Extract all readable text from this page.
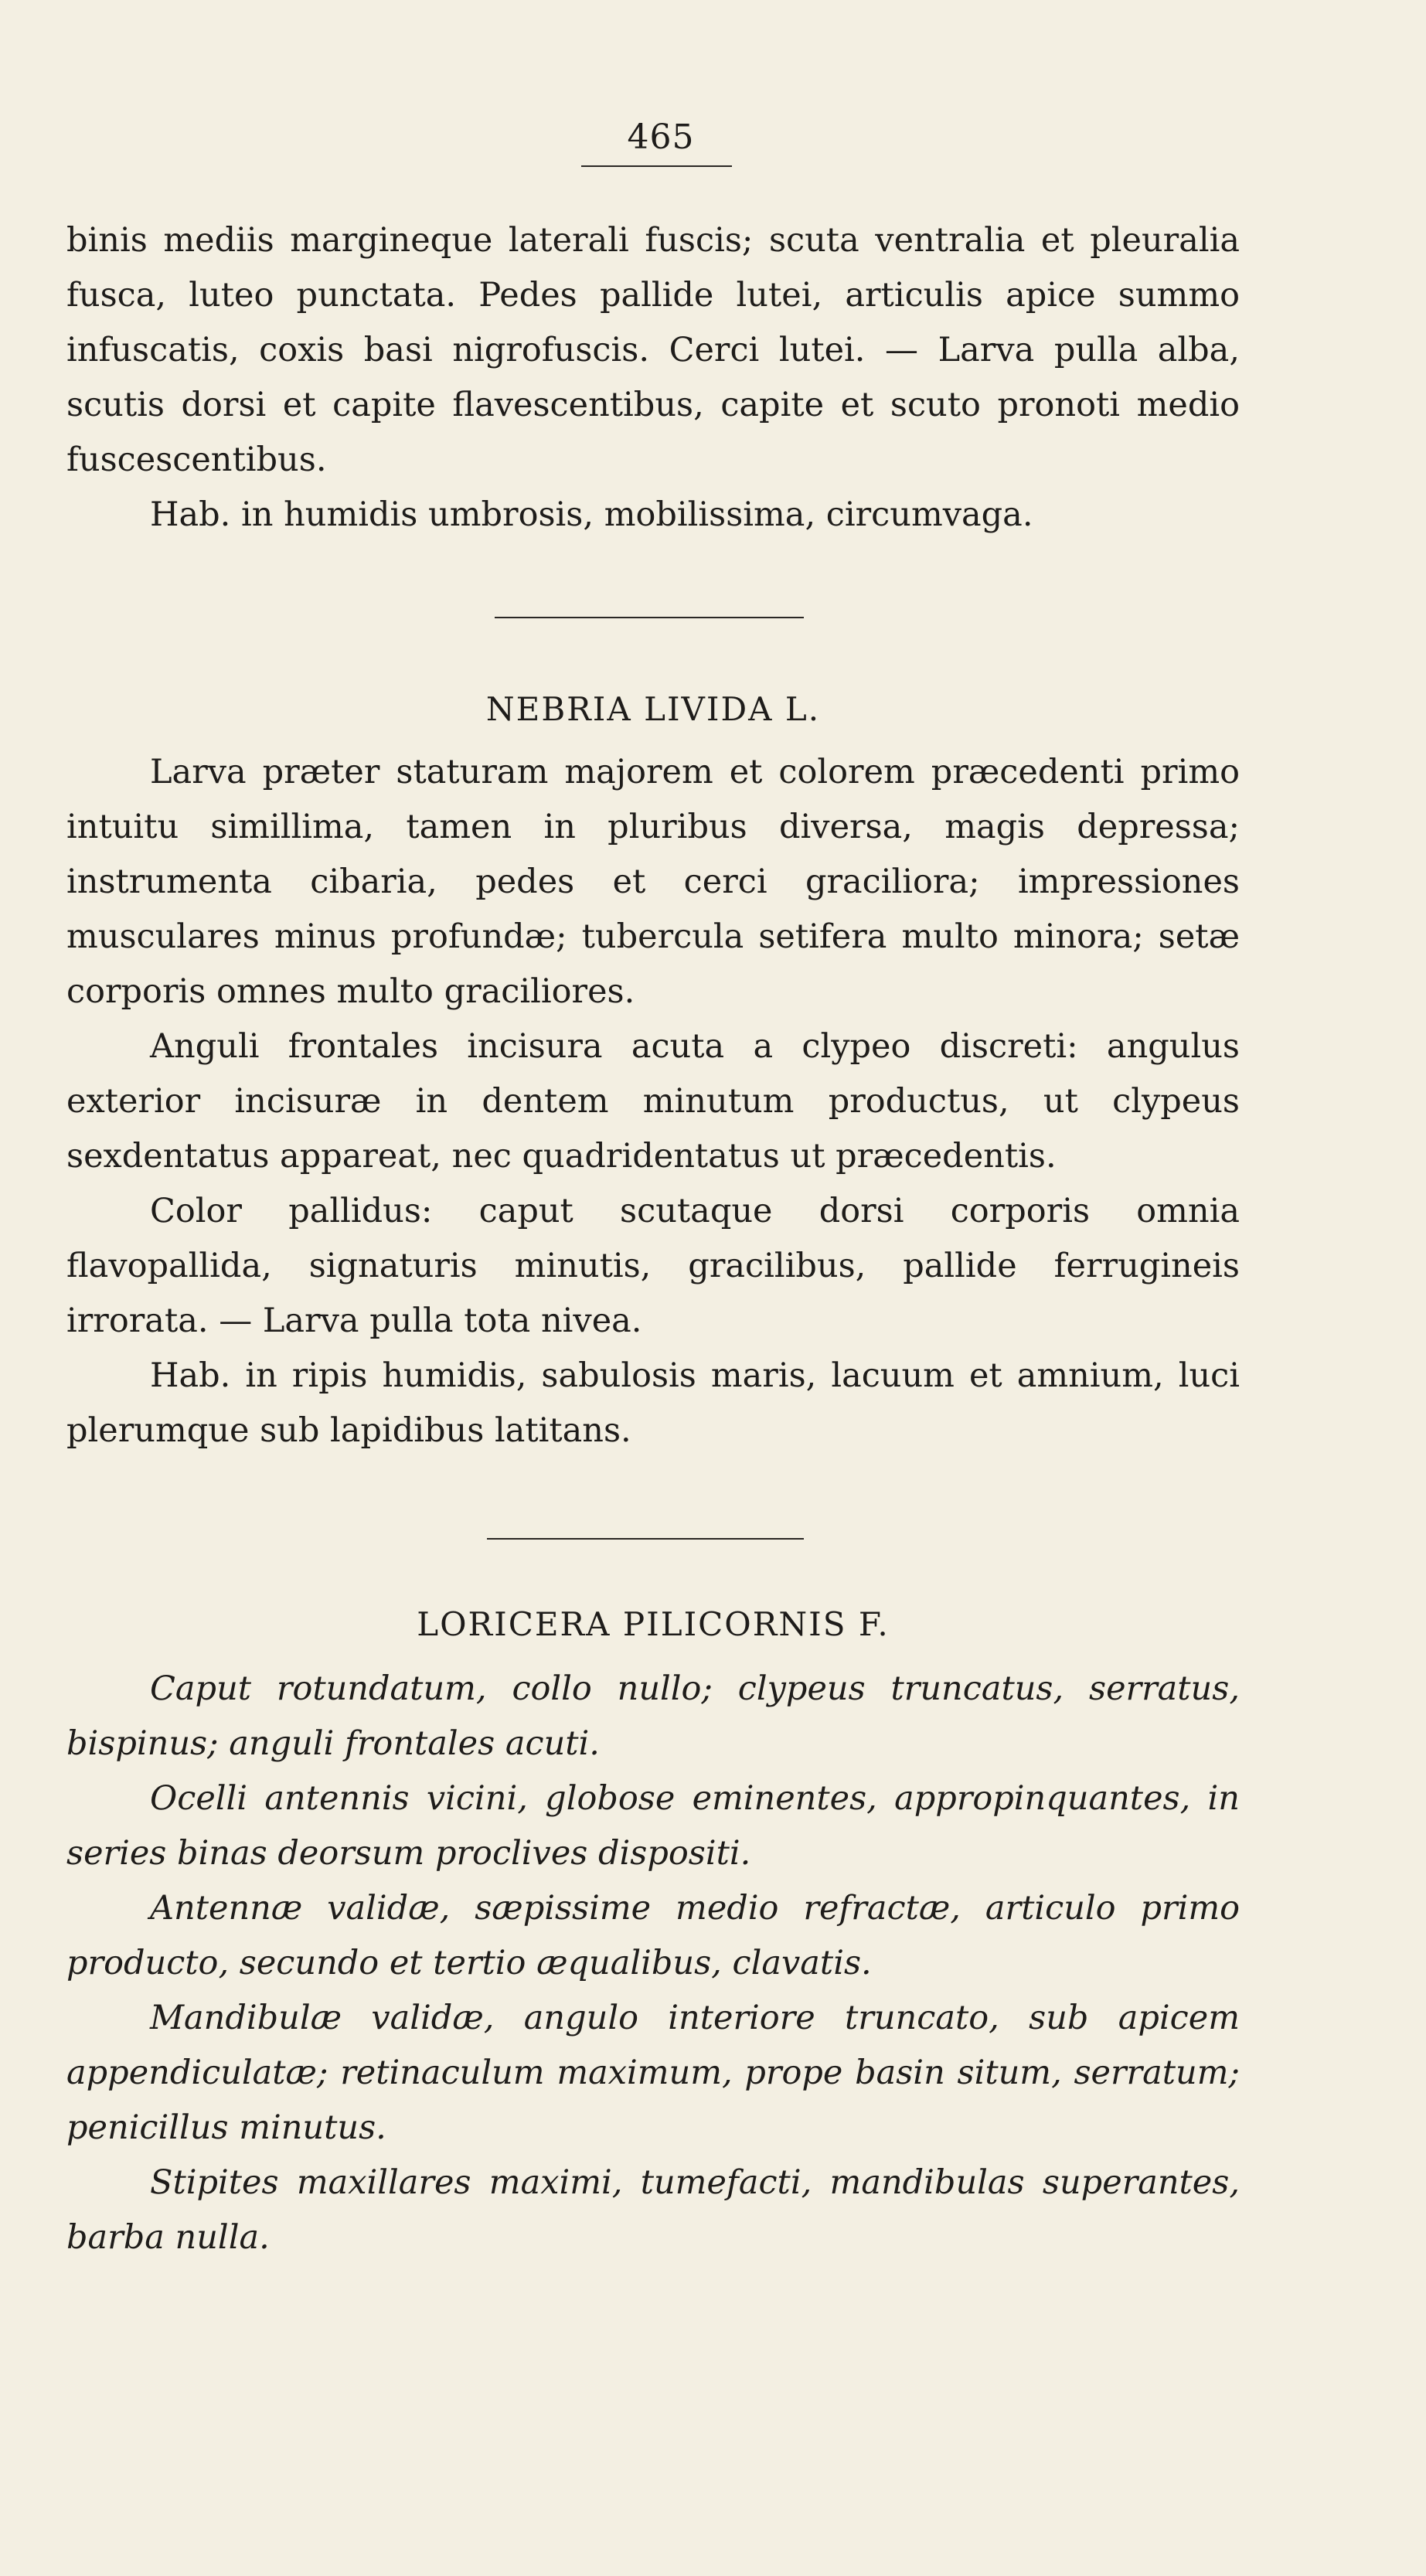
465

binis mediis margineque laterali fuscis; scuta ventralia et pleuralia fusca, luteo punctata. Pedes pallide lutei, articulis apice summo infuscatis, coxis basi nigrofuscis. Cerci lutei. — Larva pulla alba, scutis dorsi et capite flavescentibus, capite et scuto pronoti medio fuscescentibus.

Hab. in humidis umbrosis, mobilissima, circumvaga.

NEBRIA LIVIDA L.

Larva præter staturam majorem et colorem præcedenti primo intuitu simillima, tamen in pluribus diversa, magis depressa; instrumenta cibaria, pedes et cerci graciliora; impressiones musculares minus profundæ; tubercula setifera multo minora; setæ corporis omnes multo graciliores.

Anguli frontales incisura acuta a clypeo discreti: angulus exterior incisuræ in dentem minutum productus, ut clypeus sexdentatus appareat, nec quadridentatus ut præcedentis.

Color pallidus: caput scutaque dorsi corporis omnia flavopallida, signaturis minutis, gracilibus, pallide ferrugineis irrorata. — Larva pulla tota nivea.

Hab. in ripis humidis, sabulosis maris, lacuum et amnium, luci plerumque sub lapidibus latitans.

LORICERA PILICORNIS F.

Caput rotundatum, collo nullo; clypeus truncatus, serratus, bispinus; anguli frontales acuti.

Ocelli antennis vicini, globose eminentes, appropinquantes, in series binas deorsum proclives dispositi.

Antennæ validæ, sæpissime medio refractæ, articulo primo producto, secundo et tertio æqualibus, clavatis.

Mandibulæ validæ, angulo interiore truncato, sub apicem appendiculatæ; retinaculum maximum, prope basin situm, serratum; penicillus minutus.

Stipites maxillares maximi, tumefacti, mandibulas superantes, barba nulla.
